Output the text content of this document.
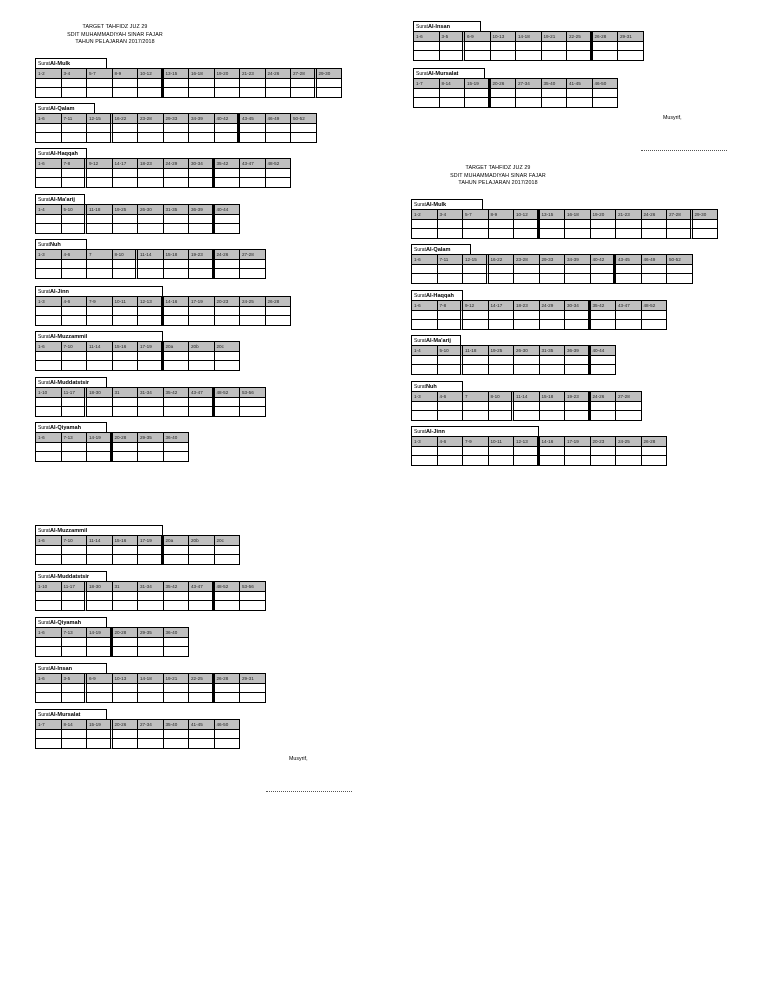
TARGET TAHFIDZ JUZ 29
SDIT MUHAMMADIYAH SINAR FAJAR
TAHUN PELAJARAN 2017/2018
TARGET TAHFIDZ JUZ 29
SDIT MUHAMMADIYAH SINAR FAJAR
TAHUN PELAJARAN 2017/2018
SuratAl-Mulk
1-2	3-4	5-7	8-9	10-12	13-15	16-18	19-20	21-23	24-26	27-28	29-30
SuratAl-Qalam
1-6	7-11	12-15	16-22	23-28	29-33	34-39	40-42	43-45	46-49	50-52
SuratAl-Haqqah
1-6	7-8	9-12	14-17	18-23	24-29	30-34	35-42	43-47	48-52
SuratAl-Ma'arij
1-4	5-10	11-18	19-25	26-30	31-35	36-39	40-44
SuratNuh
1-3	4-6	7	8-10	11-14	15-18	19-23	24-26	27-28
SuratAl-Jinn
1-3	4-6	7-9	10-11	12-13	14-16	17-19	20-23	24-25	26-28
SuratAl-Muzzammil
1-6	7-10	11-14	15-16	17-19	20a	20b	20c
SuratAl-Muddatstsir
1-10	11-17	18-30	31	31-34	35-42	43-47	48-52	53-56
SuratAl-Qiyamah
1-6	7-13	14-19	20-28	29-35	36-40
SuratAl-Muzzammil
1-6	7-10	11-14	15-16	17-19	20a	20b	20c
SuratAl-Muddatstsir
1-10	11-17	18-30	31	31-34	35-42	43-47	48-52	53-56
SuratAl-Qiyamah
1-6	7-13	14-19	20-28	29-35	36-40
SuratAl-Insan
1-6	3-5	6-9	10-13	14-18	19-21	22-25	26-28	29-31
SuratAl-Mursalat
1-7	8-14	15-19	20-26	27-34	35-40	41-45	46-50
SuratAl-Insan
1-6	3-5	6-9	10-13	14-18	19-21	22-25	26-28	29-31
SuratAl-Mursalat
1-7	8-14	15-19	20-26	27-34	35-40	41-45	46-50
SuratAl-Mulk
1-2	3-4	5-7	8-9	10-12	13-15	16-18	19-20	21-23	24-26	27-28	29-30
SuratAl-Qalam
1-6	7-11	12-15	16-22	23-28	29-33	34-39	40-42	43-45	46-49	50-52
SuratAl-Haqqah
1-6	7-8	9-12	14-17	18-23	24-29	30-34	35-42	43-47	48-52
SuratAl-Ma'arij
1-4	5-10	11-18	19-25	26-30	31-35	36-39	40-44
SuratNuh
1-3	4-6	7	8-10	11-14	15-18	19-23	24-26	27-28
SuratAl-Jinn
1-3	4-6	7-9	10-11	12-13	14-16	17-19	20-23	24-25	26-28
Musyrif,
Musyrif,
